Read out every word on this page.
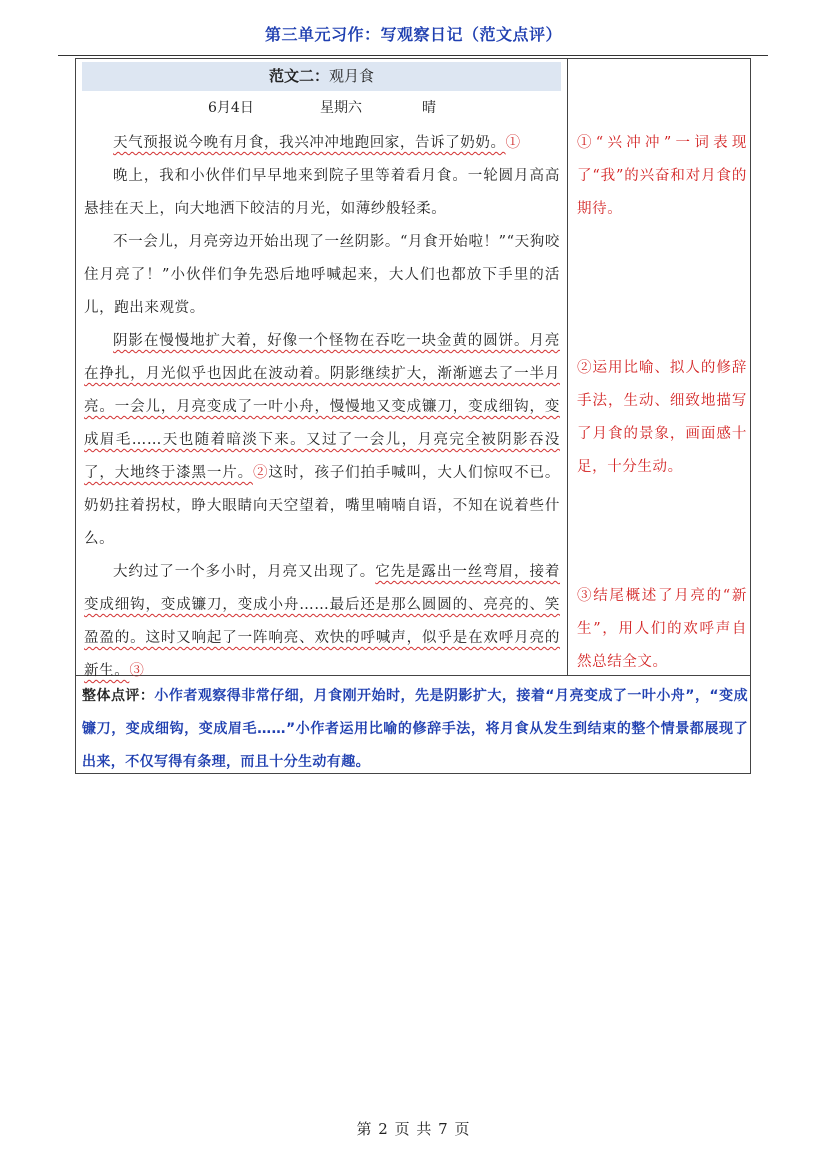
第三单元习作：写观察日记（范文点评）
范文二：观月食
6月4日	星期六	晴

天气预报说今晚有月食，我兴冲冲地跑回家，告诉了奶奶。①

晚上，我和小伙伴们早早地来到院子里等着看月食。一轮圆月高高悬挂在天上，向大地洒下皎洁的月光，如薄纱般轻柔。

不一会儿，月亮旁边开始出现了一丝阴影。“月食开始啦！”“天狗咬住月亮了！”小伙伴们争先恐后地呼喊起来，大人们也都放下手里的活儿，跑出来观赏。

阴影在慢慢地扩大着，好像一个怪物在吞吃一块金黄的圆饼。月亮在挣扎，月光似乎也因此在波动着。阴影继续扩大，渐渐遮去了一半月亮。一会儿，月亮变成了一叶小舟，慢慢地又变成镰刀，变成细钩，变成眉毛……天也随着暗淡下来。又过了一会儿，月亮完全被阴影吞没了，大地终于漆黑一片。②这时，孩子们拍手喊叫，大人们惊叹不已。奶奶拄着拐杖，睁大眼睛向天空望着，嘴里喃喃自语，不知在说着些什么。

大约过了一个多小时，月亮又出现了。它先是露出一丝弯眉，接着变成细钩，变成镰刀，变成小舟……最后还是那么圆圆的、亮亮的、笑盈盈的。这时又响起了一阵响亮、欢快的呼喊声，似乎是在欢呼月亮的新生。③

①“兴冲冲”一词表现了“我”的兴奋和对月食的期待。
②运用比喻、拟人的修辞手法，生动、细致地描写了月食的景象，画面感十足，十分生动。
③结尾概述了月亮的“新生”，用人们的欢呼声自然总结全文。
整体点评：小作者观察得非常仔细，月食刚开始时，先是阴影扩大，接着“月亮变成了一叶小舟”，“变成镰刀，变成细钩，变成眉毛……”小作者运用比喻的修辞手法，将月食从发生到结束的整个情景都展现了出来，不仅写得有条理，而且十分生动有趣。
第 2 页 共 7 页
